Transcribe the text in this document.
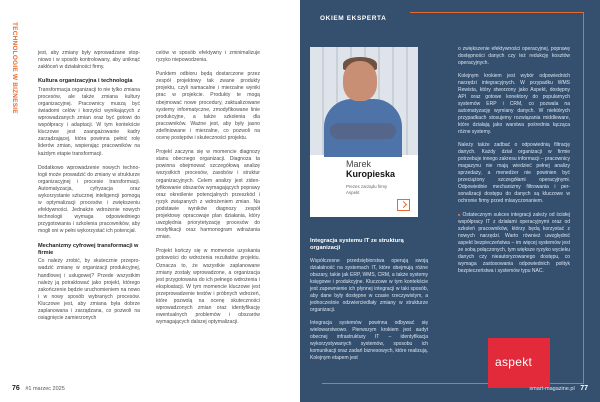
TECHNOLOGIE W BIZNESIE	jest, aby zmiany były wprowadzane stopniowo i w sposób kontrolowany, aby uniknąć zakłóceń w działalności firmy.

Kultura organizacyjna i technologia

Transformacja organizacji to nie tylko zmiana procesów, ale także zmiana kultury organizacyjnej. Pracownicy muszą być świadomi celów i korzyści wynikających z wprowadzanych zmian oraz być gotowi do współpracy i adaptacji. W tym kontekście kluczowe jest zaangażowanie kadry zarządzającej, która powinna pełnić rolę liderów zmian, wspierając pracowników na każdym etapie transformacji.

Dodatkowo wprowadzenie nowych technologii może prowadzić do zmiany w strukturze organizacyjnej i procesie transformacji. Automatyzacja, cyfryzacja oraz wykorzystanie sztucznej inteligencji pomogą w optymalizacji procesów i zwiększeniu efektywności. Jednakże wdrożenie nowych technologii wymaga odpowiedniego przygotowania i szkolenia pracowników, aby mogli oni w pełni wykorzystać ich potencjał.

Mechanizmy cyfrowej transformacji w firmie

Co należy zrobić, by skutecznie przeprowadzić zmianę w organizacji produkcyjnej, handlowej i usługowej? Przede wszystkim należy ją potraktować jako projekt, którego zakończenie będzie uruchomieniem na nowo i w nowy sposób wybranych procesów. Kluczowe jest, aby zmiana była dobrze zaplanowana i zarządzana, co pozwoli na osiągnięcie zamierzonych

celów w sposób efektywny i zminimalizuje ryzyko niepowodzenia.

Punktem odbioru będą dostarczone przez zespół projektowy tak zwane produkty projektu, czyli namacalne i mierzalne wyniki prac w projekcie. Produkty te mogą obejmować nowe procedury, zaktualizowane systemy informatyczne, zmodyfikowane linie produkcyjne, a także szkolenia dla pracowników. Ważne jest, aby były jasno zdefiniowane i mierzalne, co pozwoli na ocenę postępów i skuteczności projektu.

Projekt zaczyna się w momencie diagnozy stanu obecnego organizacji. Diagnoza ta powinna obejmować szczegółową analizę wszystkich procesów, zasobów i struktur organizacyjnych. Celem analizy jest zidentyfikowanie obszarów wymagających poprawy oraz określenie potencjalnych przeszkód i ryzyk związanych z wdrożeniem zmian. Na podstawie wyników diagnozy zespół projektowy opracowuje plan działania, który uwzględnia priorytetyzację procesów do modyfikacji oraz harmonogram wdrażania zmian.

Projekt kończy się w momencie uzyskania gotowości do wdrożenia rezultatów projektu. Oznacza to, że wszystkie zaplanowane zmiany zostały wprowadzone, a organizacja jest przygotowana do ich pełnego wdrożenia i eksploatacji. W tym momencie kluczowe jest przeprowadzenie testów i próbnych wdrożeń, które pozwolą na ocenę skuteczności wprowadzonych zmian oraz identyfikację ewentualnych problemów i obszarów wymagających dalszej optymalizacji.

76 #1 marzec 2025
OKIEM EKSPERTA
Marek
Kuropieska
Prezes zarządu firmy Aspekt
Integracja systemu IT ze strukturą organizacji

Współczesne przedsiębiorstwa operują swoją działalność na systemach IT, które obejmują różne obszary, takie jak ERP, WMS, CRM, a także systemy księgowe i produkcyjne. Kluczowe w tym kontekście jest zapewnienie ich płynnej integracji w taki sposób, aby dane były dostępne w czasie rzeczywistym, a jednocześnie odzwierciedlały zmiany w strukturze organizacji.

Integracja systemów powinna odbywać się wielowarstwowo. Pierwszym krokiem jest audyt obecnej infrastruktury IT – identyfikacja wykorzystywanych systemów, sposobu ich komunikacji oraz zadań biznesowych, które realizują. Kolejnym etapem jest

o zwiększenie efektywności operacyjnej, poprawę dostępności danych czy też redukcję kosztów operacyjnych.

Kolejnym krokiem jest wybór odpowiednich narzędzi integracyjnych. W przypadku WMS Rewista, który stworzony jako Aspekt, dostępny API oraz gotowe konektory do popularnych systemów ERP i CRM, co pozwala na automatyzację wymiany danych. W niektórych przypadkach stosujemy rozwiązania middleware, które działają jako warstwa pośrednia łącząca różne systemy.

Należy także zadbać o odpowiednią filtrację danych. Każdy dział organizacji w firmie potrzebuje innego zakresu informacji – pracownicy magazynu nie mają wiedzieć pełnej analizy sprzedaży, a menedżer nie powinien być przeciążony szczegółami operacyjnymi. Odpowiednie mechanizmy filtrowania i personalizacji dostępu do danych są kluczowe w ochronie firmy przed mlasyczonaniem.

■ Ostatecznym sukces integracji zależy od ścisłej współpracy IT z działami operacyjnymi oraz od szkoleń pracowników, którzy będą korzystać z nowych narzędzi. Warto również uwzględnić aspekt bezpieczeństwa – im więcej systemów jest ze sobą połączonych, tym większe ryzyko wycieku danych czy nieautoryzowanego dostępu, co wymaga zastosowania odpowiednich polityk bezpieczeństwa i systemów typu NAC.

aspekt
smart-magazine.pl 77
